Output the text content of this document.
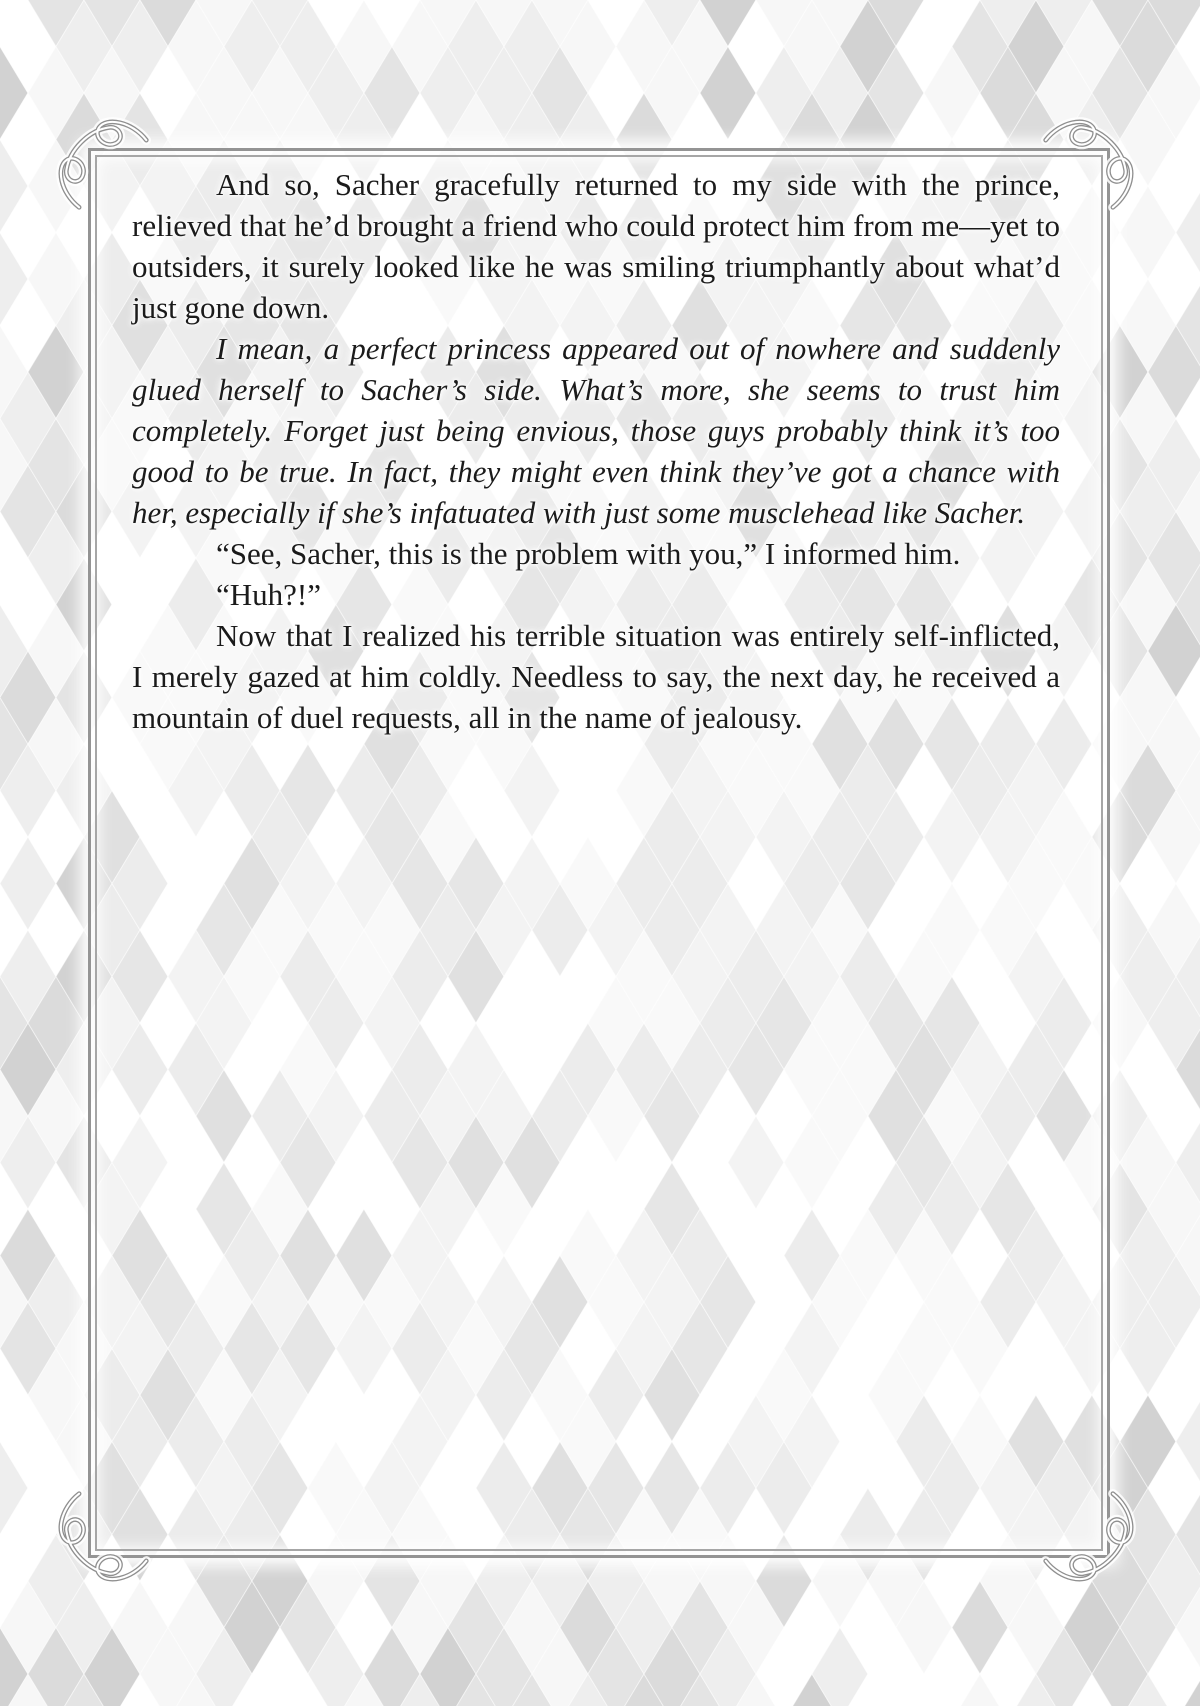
And so, Sacher gracefully returned to my side with the prince, relieved that he’d brought a friend who could protect him from me—yet to outsiders, it surely looked like he was smiling triumphantly about what’d just gone down.

I mean, a perfect princess appeared out of nowhere and suddenly glued herself to Sacher’s side. What’s more, she seems to trust him completely. Forget just being envious, those guys probably think it’s too good to be true. In fact, they might even think they’ve got a chance with her, especially if she’s infatuated with just some musclehead like Sacher.

“See, Sacher, this is the problem with you,” I informed him.

“Huh?!”

Now that I realized his terrible situation was entirely self-inflicted, I merely gazed at him coldly. Needless to say, the next day, he received a mountain of duel requests, all in the name of jealousy.
